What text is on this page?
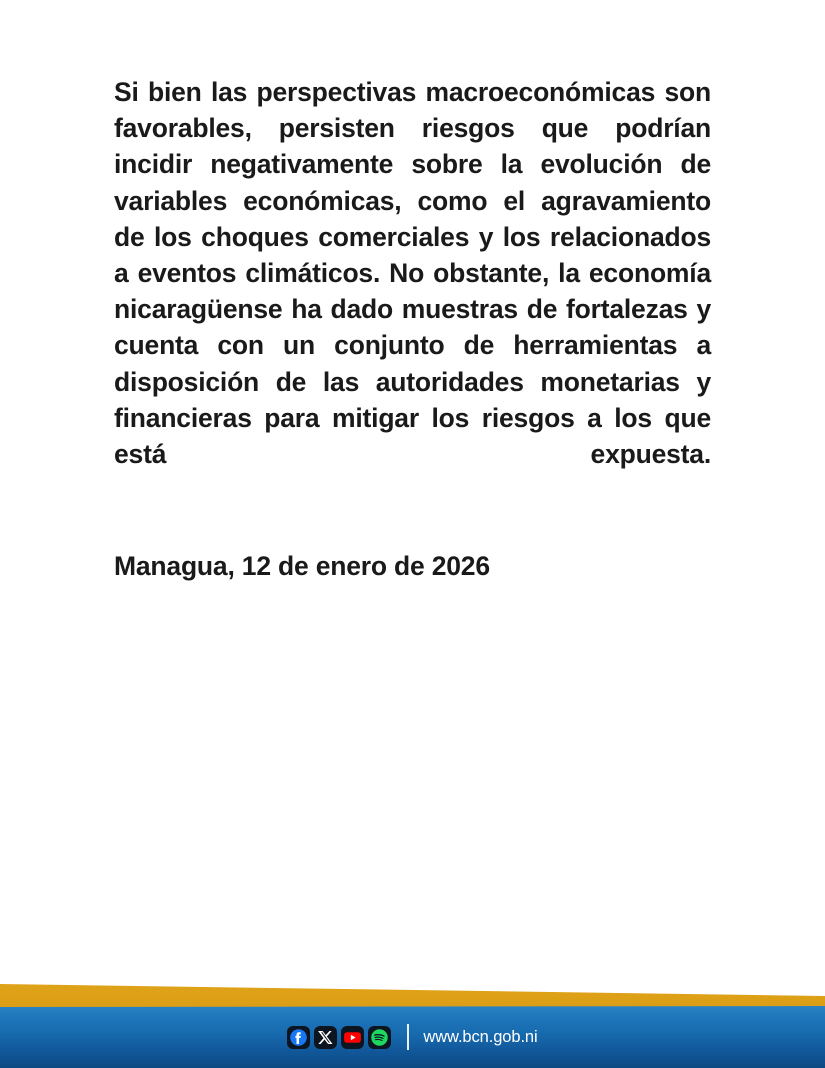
Si bien las perspectivas macroeconómicas son favorables, persisten riesgos que podrían incidir negativamente sobre la evolución de variables económicas, como el agravamiento de los choques comerciales y los relacionados a eventos climáticos. No obstante, la economía nicaragüense ha dado muestras de fortalezas y cuenta con un conjunto de herramientas a disposición de las autoridades monetarias y financieras para mitigar los riesgos a los que está expuesta.

Managua, 12 de enero de 2026

www.bcn.gob.ni
